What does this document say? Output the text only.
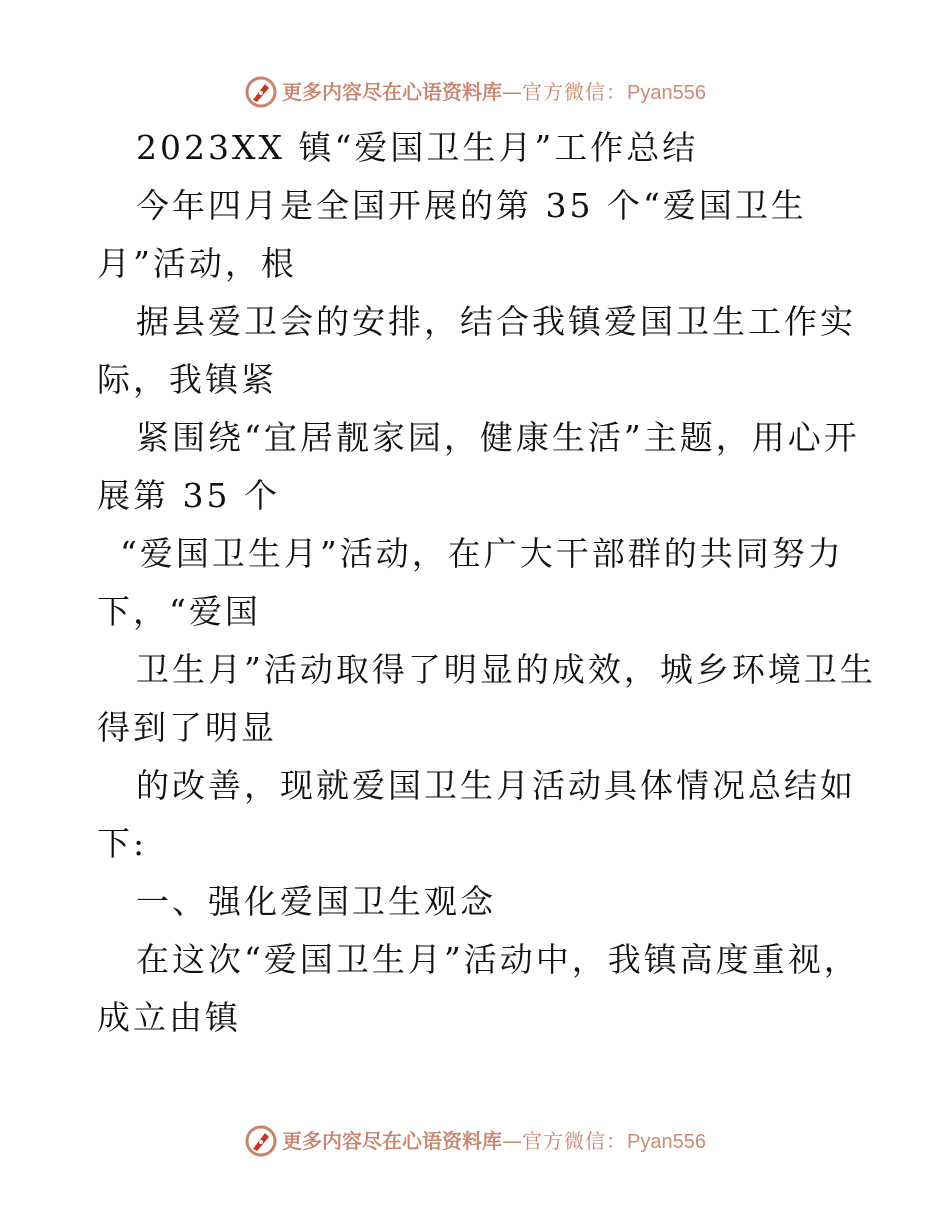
更多内容尽在心语资料库—官方微信：Pyan556
2023XX 镇“爱国卫生月”工作总结
今年四月是全国开展的第 35 个“爱国卫生
月”活动，根
据县爱卫会的安排，结合我镇爱国卫生工作实
际，我镇紧
紧围绕“宜居靓家园，健康生活”主题，用心开
展第 35 个
“爱国卫生月”活动，在广大干部群的共同努力
下，“爱国
卫生月”活动取得了明显的成效，城乡环境卫生
得到了明显
的改善，现就爱国卫生月活动具体情况总结如
下:
一、强化爱国卫生观念
在这次“爱国卫生月”活动中，我镇高度重视，
成立由镇
更多内容尽在心语资料库—官方微信：Pyan556
